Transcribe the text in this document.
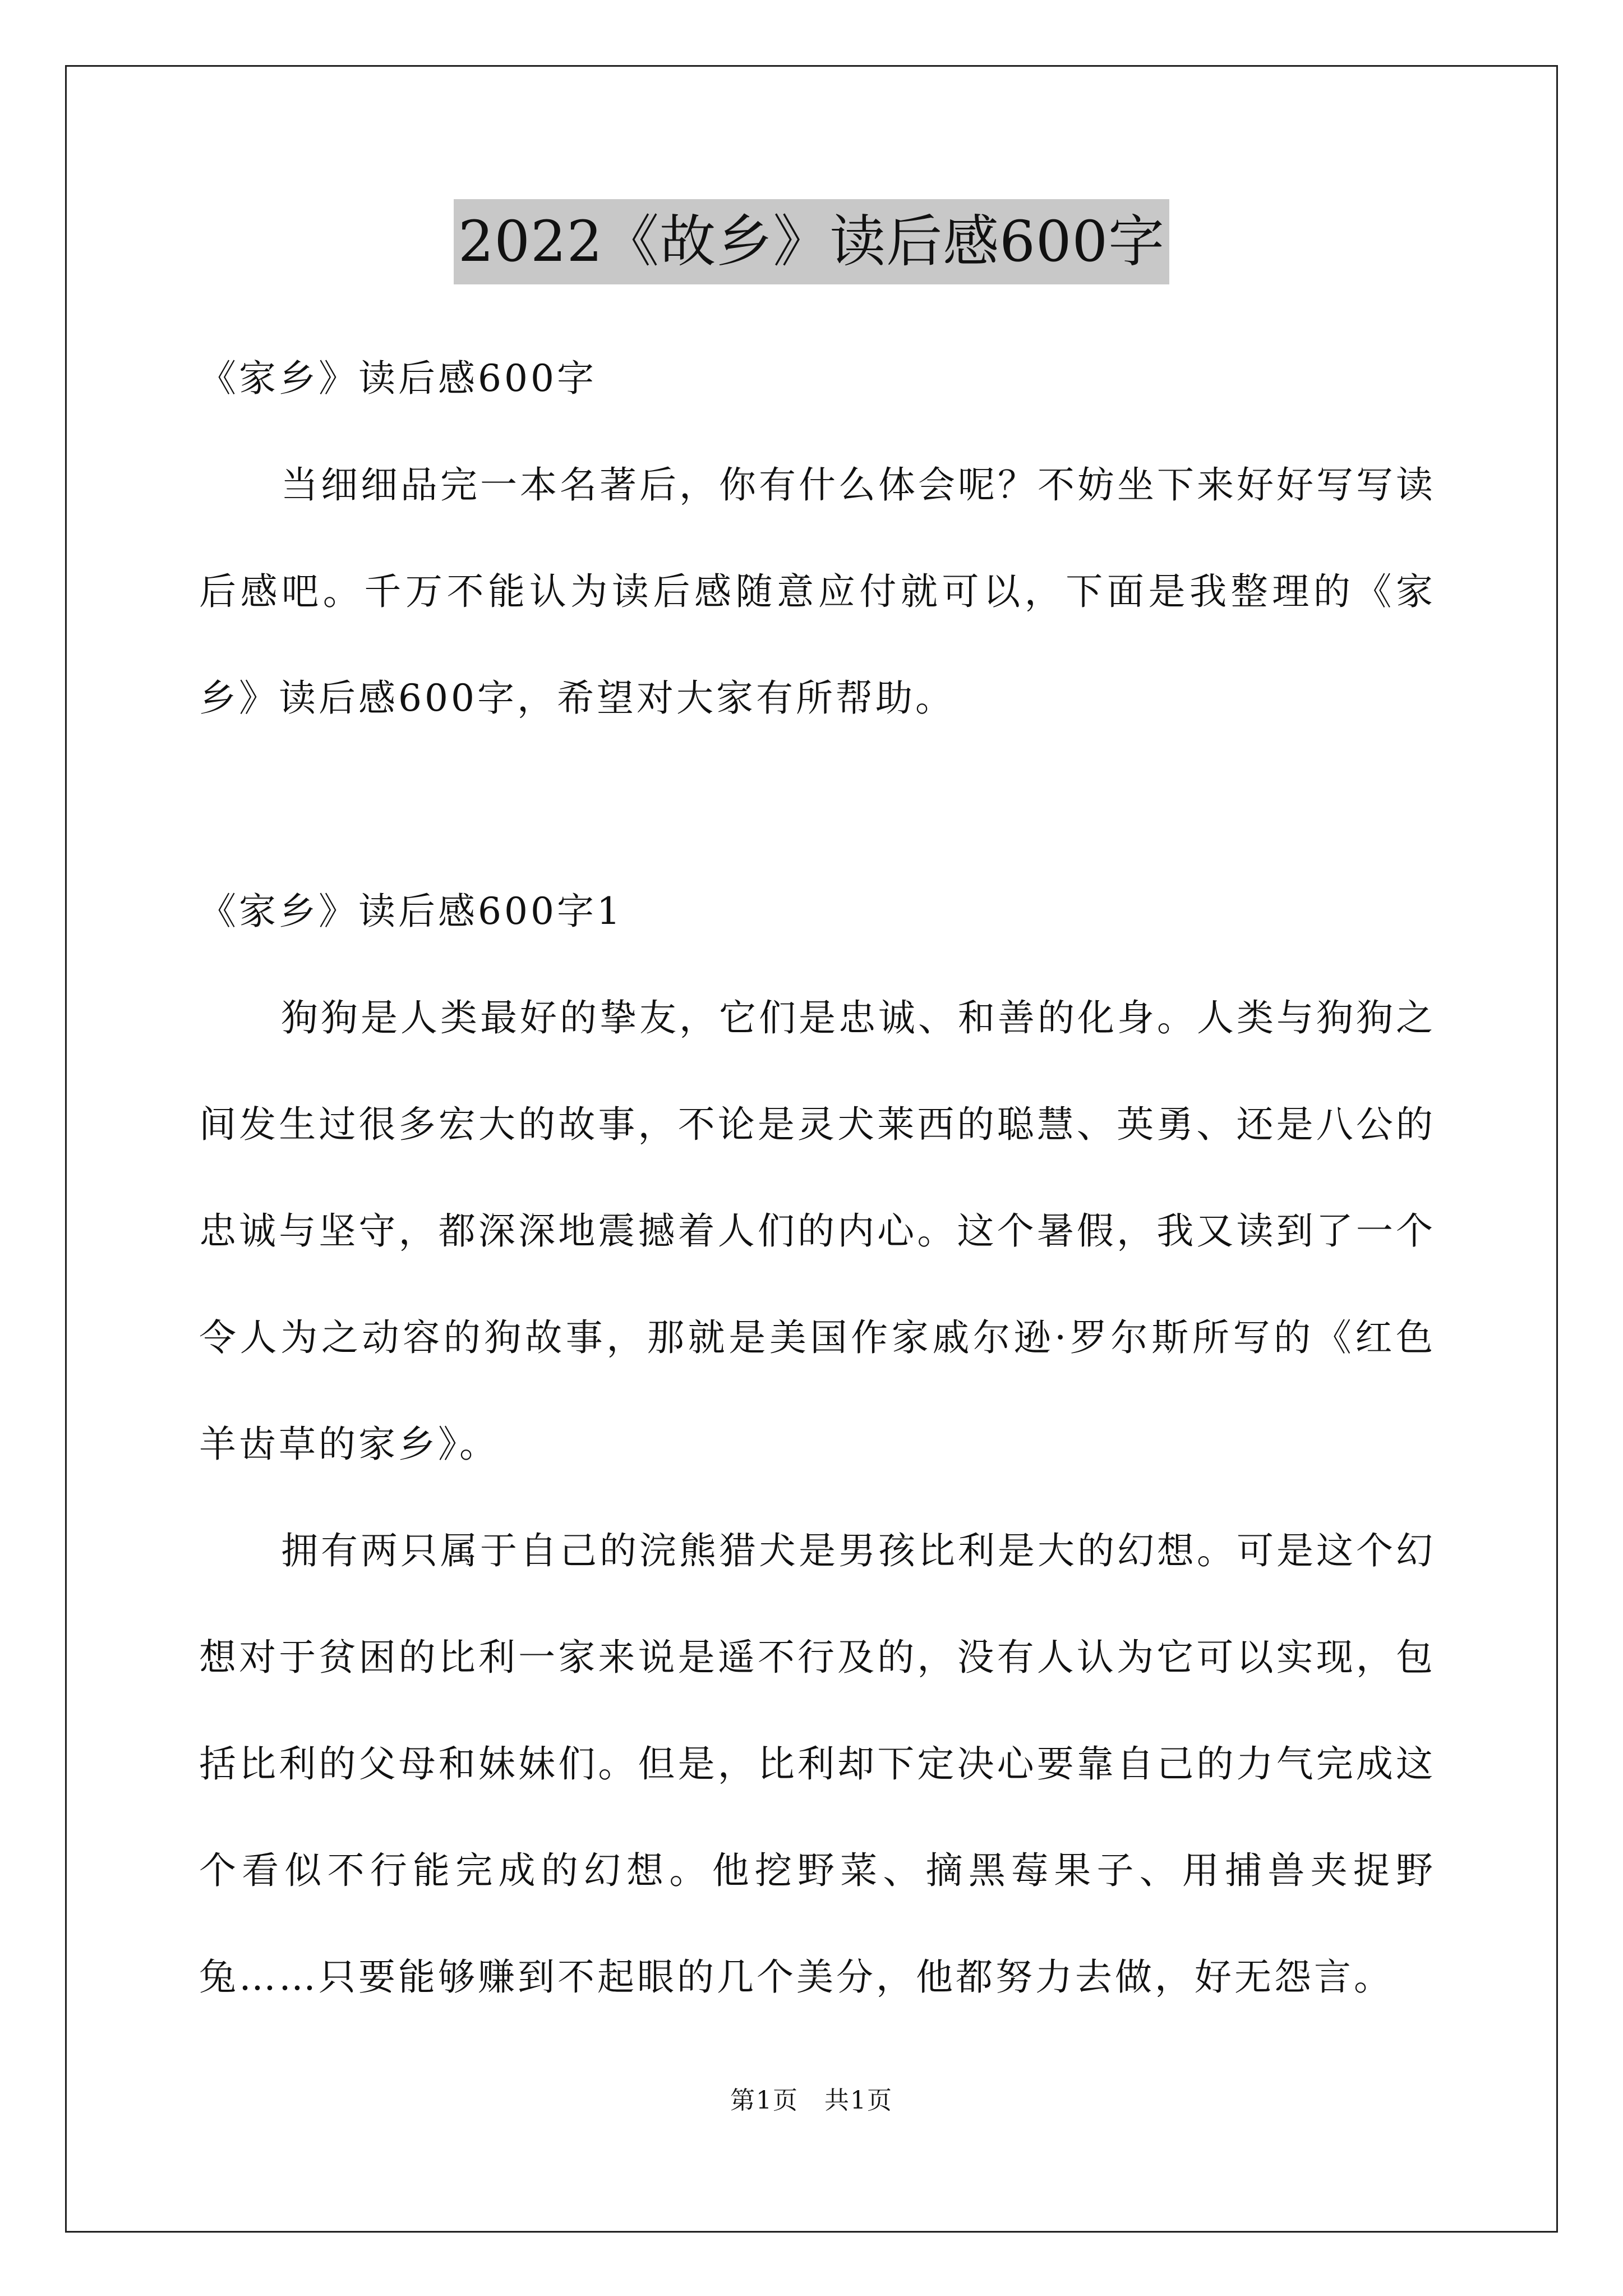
2022《故乡》读后感600字

《家乡》读后感600字

当细细品完一本名著后，你有什么体会呢？不妨坐下来好好写写读后感吧。千万不能认为读后感随意应付就可以，下面是我整理的《家乡》读后感600字，希望对大家有所帮助。

《家乡》读后感600字1

狗狗是人类最好的挚友，它们是忠诚、和善的化身。人类与狗狗之间发生过很多宏大的故事，不论是灵犬莱西的聪慧、英勇、还是八公的忠诚与坚守，都深深地震撼着人们的内心。这个暑假，我又读到了一个令人为之动容的狗故事，那就是美国作家戚尔逊·罗尔斯所写的《红色羊齿草的家乡》。

拥有两只属于自己的浣熊猎犬是男孩比利是大的幻想。可是这个幻想对于贫困的比利一家来说是遥不行及的，没有人认为它可以实现，包括比利的父母和妹妹们。但是，比利却下定决心要靠自己的力气完成这个看似不行能完成的幻想。他挖野菜、摘黑莓果子、用捕兽夹捉野兔……只要能够赚到不起眼的几个美分，他都努力去做，好无怨言。

第1页　共1页
